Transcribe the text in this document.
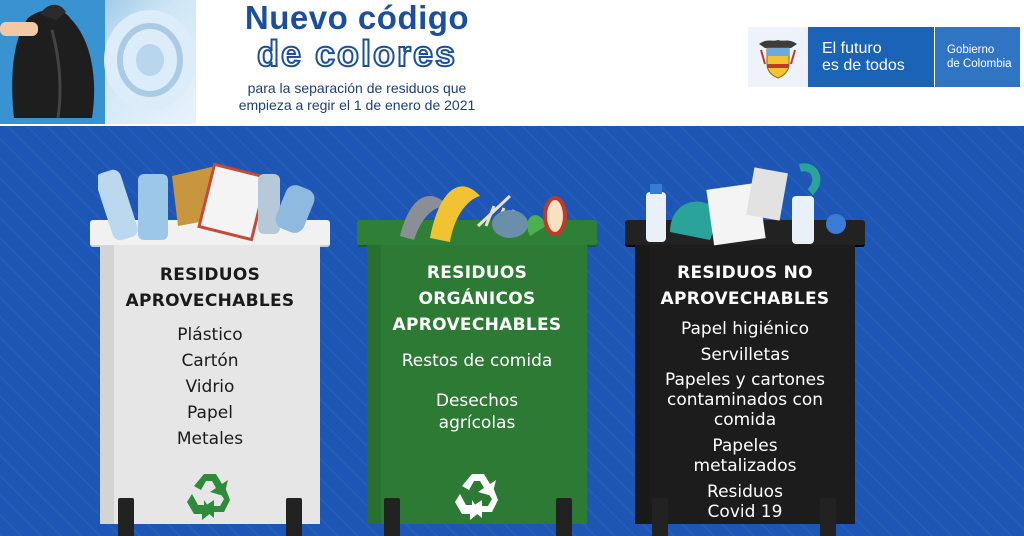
Nuevo código
de colores
para la separación de residuos que
empieza a regir el 1 de enero de 2021
El futuro
es de todos
Gobierno
de Colombia
RESIDUOS
APROVECHABLES
Plástico
Cartón
Vidrio
Papel
Metales
RESIDUOS
ORGÁNICOS
APROVECHABLES
Restos de comida
Desechos agrícolas
RESIDUOS NO
APROVECHABLES
Papel higiénico
Servilletas
Papeles y cartones contaminados con comida
Papeles metalizados
Residuos Covid 19
